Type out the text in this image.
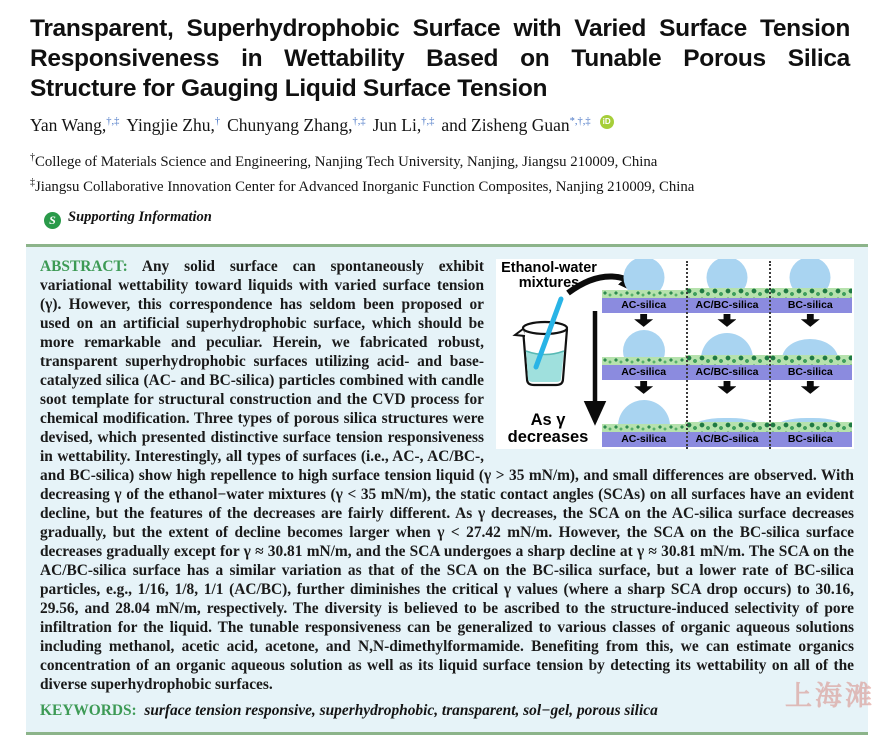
Transparent, Superhydrophobic Surface with Varied Surface Tension
Responsiveness in Wettability Based on Tunable Porous Silica
Structure for Gauging Liquid Surface Tension
Yan Wang,†,‡ Yingjie Zhu,† Chunyang Zhang,†,‡ Jun Li,†,‡ and Zisheng Guan*,†,‡ iD
†College of Materials Science and Engineering, Nanjing Tech University, Nanjing, Jiangsu 210009, China
‡Jiangsu Collaborative Innovation Center for Advanced Inorganic Function Composites, Nanjing 210009, China
S Supporting Information
Ethanol-water mixtures
As γ decreases
AC-silica	AC/BC-silica	BC-silica
AC-silica	AC/BC-silica	BC-silica
AC-silica	AC/BC-silica	BC-silica

ABSTRACT: Any solid surface can spontaneously exhibit variational wettability toward liquids with varied surface tension (γ). However, this correspondence has seldom been proposed or used on an artificial superhydrophobic surface, which should be more remarkable and peculiar. Herein, we fabricated robust, transparent superhydrophobic surfaces utilizing acid- and base-catalyzed silica (AC- and BC-silica) particles combined with candle soot template for structural construction and the CVD process for chemical modification. Three types of porous silica structures were devised, which presented distinctive surface tension responsiveness in wettability. Interestingly, all types of surfaces (i.e., AC-, AC/BC-, and BC-silica) show high repellence to high surface tension liquid (γ > 35 mN/m), and small differences are observed. With decreasing γ of the ethanol−water mixtures (γ < 35 mN/m), the static contact angles (SCAs) on all surfaces have an evident decline, but the features of the decreases are fairly different. As γ decreases, the SCA on the AC-silica surface decreases gradually, but the extent of decline becomes larger when γ < 27.42 mN/m. However, the SCA on the BC-silica surface decreases gradually except for γ ≈ 30.81 mN/m, and the SCA undergoes a sharp decline at γ ≈ 30.81 mN/m. The SCA on the AC/BC-silica surface has a similar variation as that of the SCA on the BC-silica surface, but a lower rate of BC-silica particles, e.g., 1/16, 1/8, 1/1 (AC/BC), further diminishes the critical γ values (where a sharp SCA drop occurs) to 30.16, 29.56, and 28.04 mN/m, respectively. The diversity is believed to be ascribed to the structure-induced selectivity of pore infiltration for the liquid. The tunable responsiveness can be generalized to various classes of organic aqueous solutions including methanol, acetic acid, acetone, and N,N-dimethylformamide. Benefiting from this, we can estimate organics concentration of an organic aqueous solution as well as its liquid surface tension by detecting its wettability on all of the diverse superhydrophobic surfaces.

KEYWORDS: surface tension responsive, superhydrophobic, transparent, sol−gel, porous silica	上海滩
